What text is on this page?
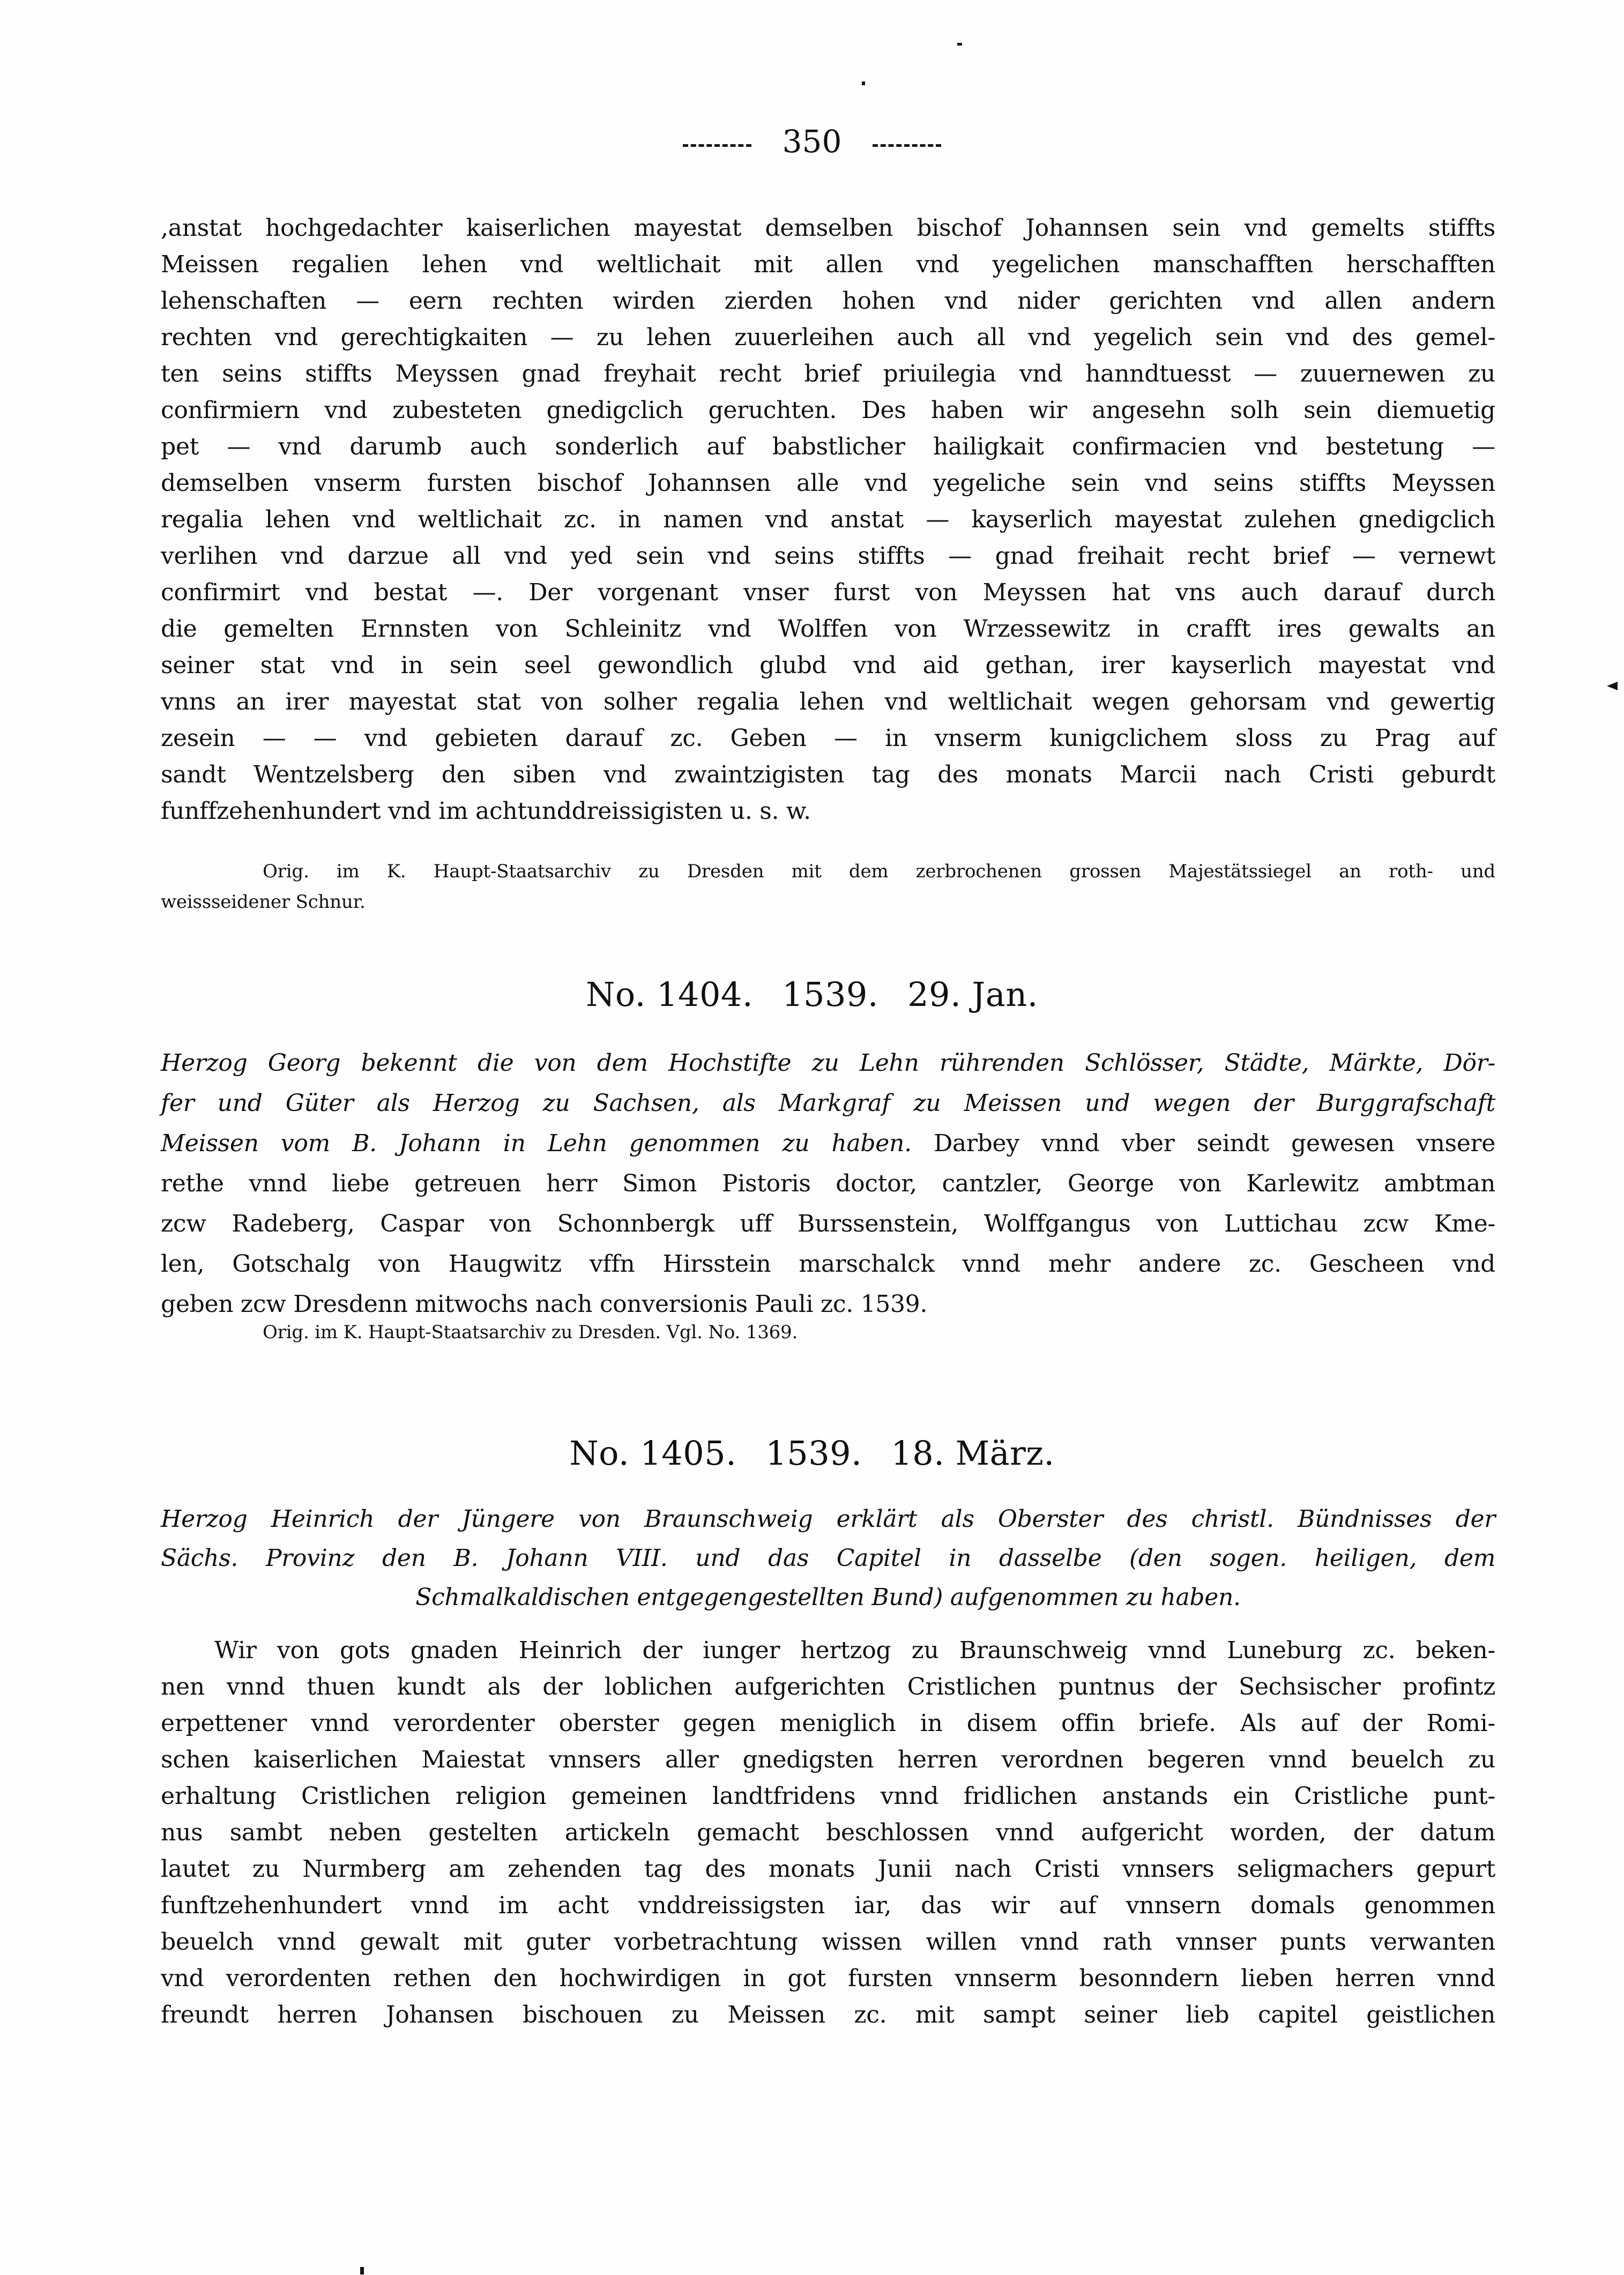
350
,anstat hochgedachter kaiserlichen mayestat demselben bischof Johannsen sein vnd gemelts stiffts
Meissen regalien lehen vnd weltlichait mit allen vnd yegelichen manschafften herschafften
lehenschaften — eern rechten wirden zierden hohen vnd nider gerichten vnd allen andern
rechten vnd gerechtigkaiten — zu lehen zuuerleihen auch all vnd yegelich sein vnd des gemel-
ten seins stiffts Meyssen gnad freyhait recht brief priuilegia vnd hanndtuesst — zuuernewen zu
confirmiern vnd zubesteten gnedigclich geruchten. Des haben wir angesehn solh sein diemuetig
pet — vnd darumb auch sonderlich auf babstlicher hailigkait confirmacien vnd bestetung —
demselben vnserm fursten bischof Johannsen alle vnd yegeliche sein vnd seins stiffts Meyssen
regalia lehen vnd weltlichait zc. in namen vnd anstat — kayserlich mayestat zulehen gnedigclich
verlihen vnd darzue all vnd yed sein vnd seins stiffts — gnad freihait recht brief — vernewt
confirmirt vnd bestat —. Der vorgenant vnser furst von Meyssen hat vns auch darauf durch
die gemelten Ernnsten von Schleinitz vnd Wolffen von Wrzessewitz in crafft ires gewalts an
seiner stat vnd in sein seel gewondlich glubd vnd aid gethan, irer kayserlich mayestat vnd
vnns an irer mayestat stat von solher regalia lehen vnd weltlichait wegen gehorsam vnd gewertig
zesein — — vnd gebieten darauf zc. Geben — in vnserm kunigclichem sloss zu Prag auf
sandt Wentzelsberg den siben vnd zwaintzigisten tag des monats Marcii nach Cristi geburdt
funffzehenhundert vnd im achtunddreissigisten u. s. w.
Orig. im K. Haupt-Staatsarchiv zu Dresden mit dem zerbrochenen grossen Majestätssiegel an roth- und
weissseidener Schnur.
No. 1404. 1539. 29. Jan.
Herzog Georg bekennt die von dem Hochstifte zu Lehn rührenden Schlösser, Städte, Märkte, Dör-
fer und Güter als Herzog zu Sachsen, als Markgraf zu Meissen und wegen der Burggrafschaft
Meissen vom B. Johann in Lehn genommen zu haben. Darbey vnnd vber seindt gewesen vnsere
rethe vnnd liebe getreuen herr Simon Pistoris doctor, cantzler, George von Karlewitz ambtman
zcw Radeberg, Caspar von Schonnbergk uff Burssenstein, Wolffgangus von Luttichau zcw Kme-
len, Gotschalg von Haugwitz vffn Hirsstein marschalck vnnd mehr andere zc. Gescheen vnd
geben zcw Dresdenn mitwochs nach conversionis Pauli zc. 1539.
Orig. im K. Haupt-Staatsarchiv zu Dresden. Vgl. No. 1369.
No. 1405. 1539. 18. März.
Herzog Heinrich der Jüngere von Braunschweig erklärt als Oberster des christl. Bündnisses der
Sächs. Provinz den B. Johann VIII. und das Capitel in dasselbe (den sogen. heiligen, dem
Schmalkaldischen entgegengestellten Bund) aufgenommen zu haben.
Wir von gots gnaden Heinrich der iunger hertzog zu Braunschweig vnnd Luneburg zc. beken-
nen vnnd thuen kundt als der loblichen aufgerichten Cristlichen puntnus der Sechsischer profintz
erpettener vnnd verordenter oberster gegen meniglich in disem offin briefe. Als auf der Romi-
schen kaiserlichen Maiestat vnnsers aller gnedigsten herren verordnen begeren vnnd beuelch zu
erhaltung Cristlichen religion gemeinen landtfridens vnnd fridlichen anstands ein Cristliche punt-
nus sambt neben gestelten artickeln gemacht beschlossen vnnd aufgericht worden, der datum
lautet zu Nurmberg am zehenden tag des monats Junii nach Cristi vnnsers seligmachers gepurt
funftzehenhundert vnnd im acht vnddreissigsten iar, das wir auf vnnsern domals genommen
beuelch vnnd gewalt mit guter vorbetrachtung wissen willen vnnd rath vnnser punts verwanten
vnd verordenten rethen den hochwirdigen in got fursten vnnserm besonndern lieben herren vnnd
freundt herren Johansen bischouen zu Meissen zc. mit sampt seiner lieb capitel geistlichen
